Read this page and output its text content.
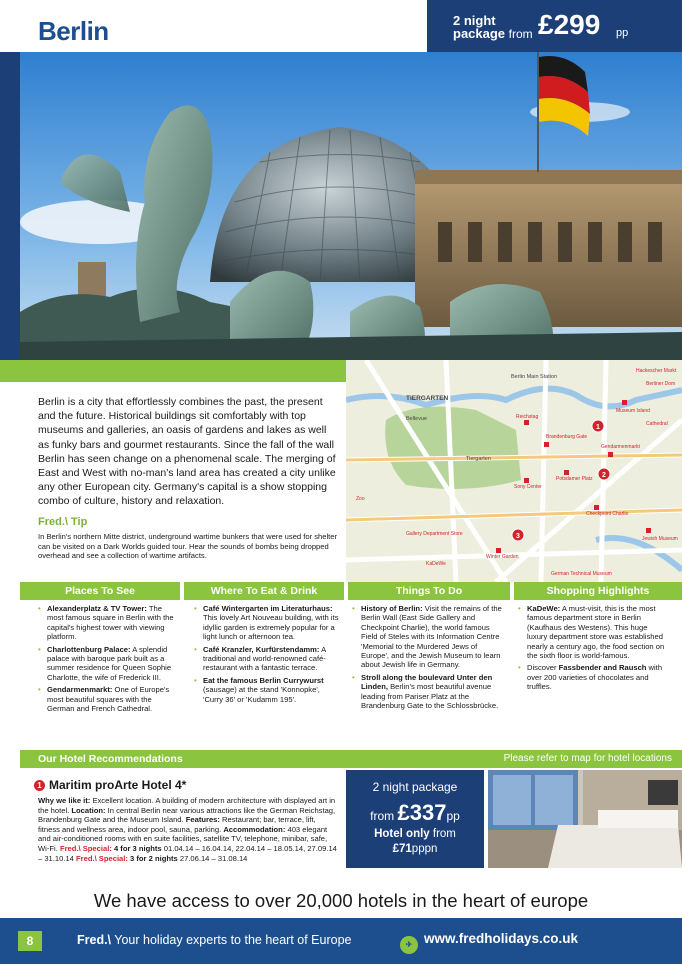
Berlin	2 night
package from £299 pp

Berlin is a city that effortlessly combines the past, the present and the future. Historical buildings sit comfortably with top museums and galleries, an oasis of gardens and lakes as well as funky bars and gourmet restaurants. Since the fall of the wall Berlin has seen change on a phenomenal scale. The merging of East and West with no-man's land area has created a city unlike any other European city. Germany's capital is a show stopping combo of culture, history and relaxation.

Fred.\ Tip

In Berlin's northern Mitte district, underground wartime bunkers that were used for shelter can be visited on a Dark Worlds guided tour. Hear the sounds of bombs being dropped overhead and see a collection of wartime artifacts.

TIERGARTEN
Berlin Main Station
Bellevue
Tiergarten
Reichstag
Brandenburg Gate
Sony Center
Potsdamer Platz
Checkpoint Charlie
Gendarmenmarkt
Museum Island
Jewish Museum
KaDeWe
Zoo
Winter Garden
Berliner Dom
Gallery Department Store
German Technical Museum
Hackescher Markt
Cathedral
1
2
3
Places To See	Where To Eat & Drink	Things To Do	Shopping Highlights
• Alexanderplatz & TV Tower: The most famous square in Berlin with the capital's highest tower with viewing platform.
• Charlottenburg Palace: A splendid palace with baroque park built as a summer residence for Queen Sophie Charlotte, the wife of Frederick III.
• Gendarmenmarkt: One of Europe's most beautiful squares with the German and French Cathedral.
• Café Wintergarten im Literaturhaus: This lovely Art Nouveau building, with its idyllic garden is extremely popular for a light lunch or afternoon tea.
• Café Kranzler, Kurfürstendamm: A traditional and world-renowned café-restaurant with a fantastic terrace.
• Eat the famous Berlin Currywurst (sausage) at the stand 'Konnopke', 'Curry 36' or 'Kudamm 195'.
• History of Berlin: Visit the remains of the Berlin Wall (East Side Gallery and Checkpoint Charlie), the world famous Field of Steles with its Information Centre 'Memorial to the Murdered Jews of Europe', and the Jewish Museum to learn about Jewish life in Germany.
• Stroll along the boulevard Unter den Linden, Berlin's most beautiful avenue leading from Pariser Platz at the Brandenburg Gate to the Schlossbrücke.
• KaDeWe: A must-visit, this is the most famous department store in Berlin (Kaufhaus des Westens). This huge luxury department store was established nearly a century ago, the food section on the sixth floor is world-famous.
• Discover Fassbender and Rausch with over 200 varieties of chocolates and truffles.
Our Hotel Recommendations	Please refer to map for hotel locations
1 Maritim proArte Hotel 4*

Why we like it: Excellent location. A building of modern architecture with displayed art in the hotel. Location: In central Berlin near various attractions like the German Reichstag, Brandenburg Gate and the Museum Island. Features: Restaurant; bar, terrace, lift, fitness and wellness area, indoor pool, sauna, parking. Accommodation: 403 elegant and air-conditioned rooms with en suite facilities, satellite TV, telephone, minibar, safe, Wi-Fi. Fred.\ Special: 4 for 3 nights 01.04.14 – 16.04.14, 22.04.14 – 18.05.14, 27.09.14 – 31.10.14 Fred.\ Special: 3 for 2 nights 27.06.14 – 31.08.14

2 night package
from £337pp
Hotel only from
£71pppn
We have access to over 20,000 hotels in the heart of europe
8	Fred.\ Your holiday experts to the heart of Europe	✈ www.fredholidays.co.uk
